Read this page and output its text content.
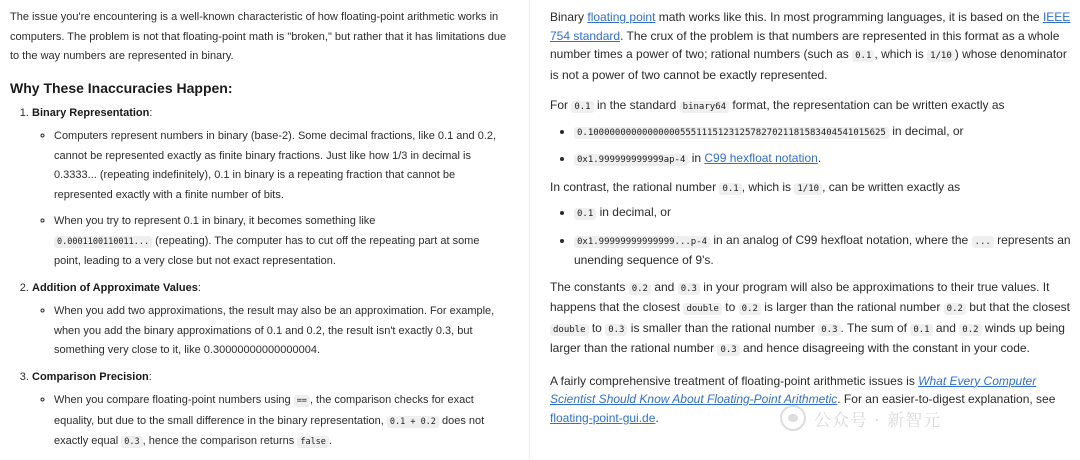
The issue you're encountering is a well-known characteristic of how floating-point arithmetic works in computers. The problem is not that floating-point math is "broken," but rather that it has limitations due to the way numbers are represented in binary.

Why These Inaccuracies Happen:
1. Binary Representation:
◦ Computers represent numbers in binary (base-2). Some decimal fractions, like 0.1 and 0.2, cannot be represented exactly as finite binary fractions. Just like how 1/3 in decimal is 0.3333... (repeating indefinitely), 0.1 in binary is a repeating fraction that cannot be represented exactly with a finite number of bits.
◦ When you try to represent 0.1 in binary, it becomes something like
0.0001100110011... (repeating). The computer has to cut off the repeating part at some point, leading to a very close but not exact representation.
2. Addition of Approximate Values:
◦ When you add two approximations, the result may also be an approximation. For example, when you add the binary approximations of 0.1 and 0.2, the result isn't exactly 0.3, but something very close to it, like 0.30000000000000004.
3. Comparison Precision:
◦ When you compare floating-point numbers using == , the comparison checks for exact equality, but due to the small difference in the binary representation, 0.1 + 0.2 does not exactly equal 0.3 , hence the comparison returns false .

Binary floating point math works like this. In most programming languages, it is based on the IEEE 754 standard. The crux of the problem is that numbers are represented in this format as a whole number times a power of two; rational numbers (such as 0.1 , which is 1/10 ) whose denominator is not a power of two cannot be exactly represented.

For 0.1 in the standard binary64 format, the representation can be written exactly as

• 0.1000000000000000055511151231257827021181583404541015625 in decimal, or
• 0x1.999999999999ap-4 in C99 hexfloat notation.

In contrast, the rational number 0.1 , which is 1/10 , can be written exactly as

• 0.1 in decimal, or
• 0x1.99999999999999...p-4 in an analog of C99 hexfloat notation, where the ... represents an unending sequence of 9's.

The constants 0.2 and 0.3 in your program will also be approximations to their true values. It happens that the closest double to 0.2 is larger than the rational number 0.2 but that the closest double to 0.3 is smaller than the rational number 0.3 . The sum of 0.1 and 0.2 winds up being larger than the rational number 0.3 and hence disagreeing with the constant in your code.

A fairly comprehensive treatment of floating-point arithmetic issues is What Every Computer Scientist Should Know About Floating-Point Arithmetic. For an easier-to-digest explanation, see floating-point-gui.de.	公众号 · 新智元
